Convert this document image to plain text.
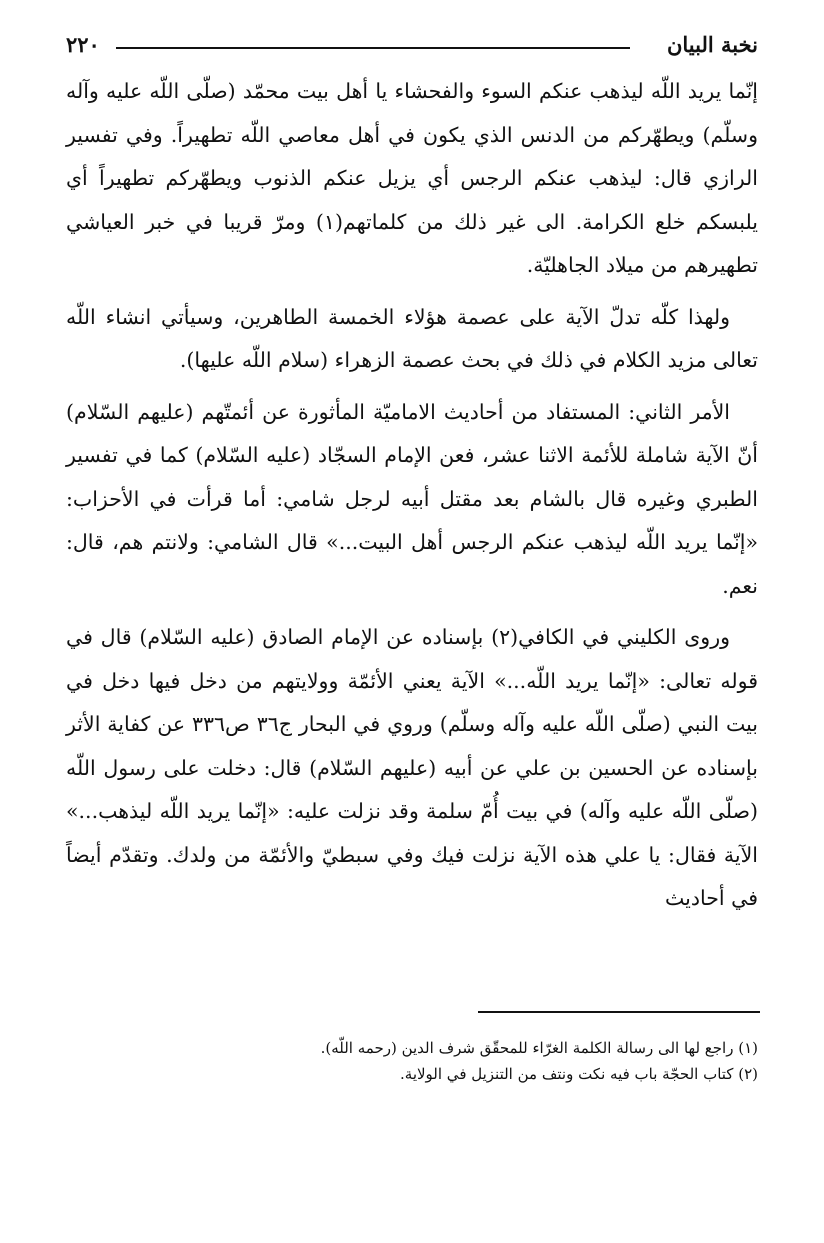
نخبة البيان
٢٢٠

إنّما يريد اللّه ليذهب عنكم السوء والفحشاء يا أهل بيت محمّد (صلّى اللّه عليه وآله وسلّم) ويطهّركم من الدنس الذي يكون في أهل معاصي اللّه تطهيراً. وفي تفسير الرازي قال: ليذهب عنكم الرجس أي يزيل عنكم الذنوب ويطهّركم تطهيراً أي يلبسكم خلع الكرامة. الى غير ذلك من كلماتهم(١) ومرّ قريبا في خبر العياشي تطهيرهم من ميلاد الجاهليّة.

ولهذا كلّه تدلّ الآية على عصمة هؤلاء الخمسة الطاهرين، وسيأتي انشاء اللّه تعالى مزيد الكلام في ذلك في بحث عصمة الزهراء (سلام اللّه عليها).

الأمر الثاني: المستفاد من أحاديث الاماميّة المأثورة عن أئمتّهم (عليهم السّلام) أنّ الآية شاملة للأئمة الاثنا عشر، فعن الإمام السجّاد (عليه السّلام) كما في تفسير الطبري وغيره قال بالشام بعد مقتل أبيه لرجل شامي: أما قرأت في الأحزاب: «إنّما يريد اللّه ليذهب عنكم الرجس أهل البيت...» قال الشامي: ولانتم هم، قال: نعم.

وروى الكليني في الكافي(٢) بإسناده عن الإمام الصادق (عليه السّلام) قال في قوله تعالى: «إنّما يريد اللّه...» الآية يعني الأئمّة وولايتهم من دخل فيها دخل في بيت النبي (صلّى اللّه عليه وآله وسلّم) وروي في البحار ج٣٦ ص٣٣٦ عن كفاية الأثر بإسناده عن الحسين بن علي عن أبيه (عليهم السّلام) قال: دخلت على رسول اللّه (صلّى اللّه عليه وآله) في بيت أُمّ سلمة وقد نزلت عليه: «إنّما يريد اللّه ليذهب...» الآية فقال: يا علي هذه الآية نزلت فيك وفي سبطيّ والأئمّة من ولدك. وتقدّم أيضاً في أحاديث

(١) راجع لها الى رسالة الكلمة الغرّاء للمحقّق شرف الدين (رحمه اللّه).
(٢) كتاب الحجّة باب فيه نكت ونتف من التنزيل في الولاية.
